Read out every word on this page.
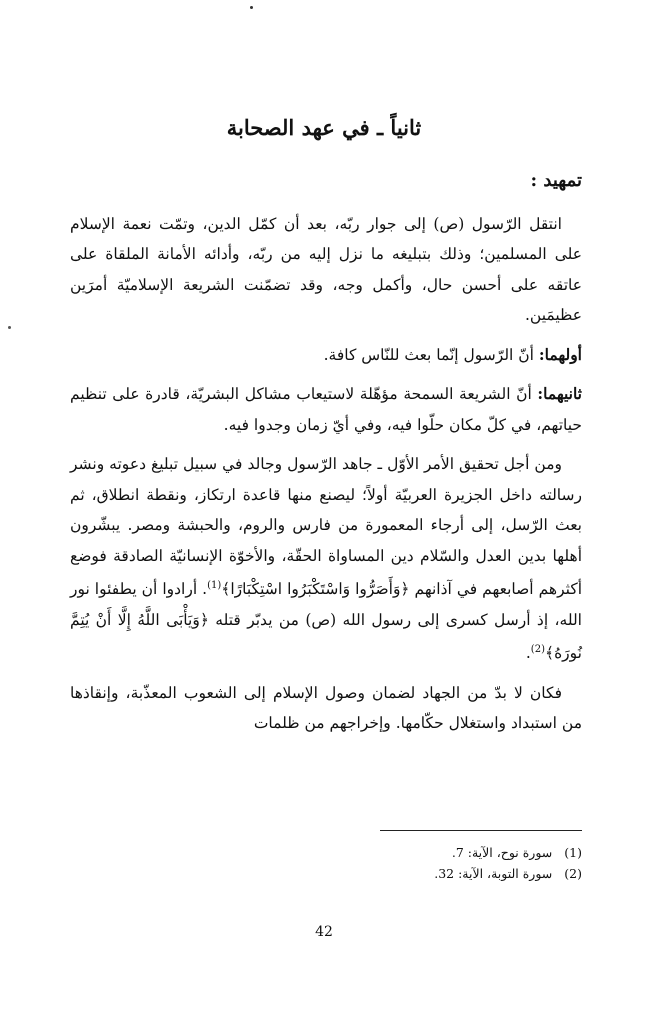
ثانياً ـ في عهد الصحابة

تمهيد :

انتقل الرّسول (ص) إلى جوار ربّه، بعد أن كمّل الدين، وتمّت نعمة الإسلام على المسلمين؛ وذلك بتبليغه ما نزل إليه من ربّه، وأدائه الأمانة الملقاة على عاتقه على أحسن حال، وأكمل وجه، وقد تضمّنت الشريعة الإسلاميّة أمرَين عظيمَين.

أولهما: أنّ الرّسول إنّما بعث للنّاس كافة.

ثانيهما: أنّ الشريعة السمحة مؤهّلة لاستيعاب مشاكل البشريّة، قادرة على تنظيم حياتهم، في كلّ مكان حلّوا فيه، وفي أيّ زمان وجدوا فيه.

ومن أجل تحقيق الأمر الأوّل ـ جاهد الرّسول وجالد في سبيل تبليغ دعوته ونشر رسالته داخل الجزيرة العربيّة أولاً؛ ليصنع منها قاعدة ارتكاز، ونقطة انطلاق، ثم بعث الرّسل، إلى أرجاء المعمورة من فارس والروم، والحبشة ومصر. يبشّرون أهلها بدين العدل والسّلام دين المساواة الحقّة، والأخوّة الإنسانيّة الصادقة فوضع أكثرهم أصابعهم في آذانهم ﴿وَأَصَرُّوا وَاسْتَكْبَرُوا اسْتِكْبَارًا﴾$^{(1)}$. أرادوا أن يطفئوا نور الله، إذ أرسل كسرى إلى رسول الله (ص) من يدبّر قتله ﴿وَيَأْبَى اللَّهُ إِلَّا أَنْ يُتِمَّ نُورَهُ﴾$^{(2)}$.

فكان لا بدّ من الجهاد لضمان وصول الإسلام إلى الشعوب المعذّبة، وإنقاذها من استبداد واستغلال حكّامها. وإخراجهم من ظلمات

(1)سورة نوح، الآية: 7.

(2)سورة التوبة، الآية: 32.

42
